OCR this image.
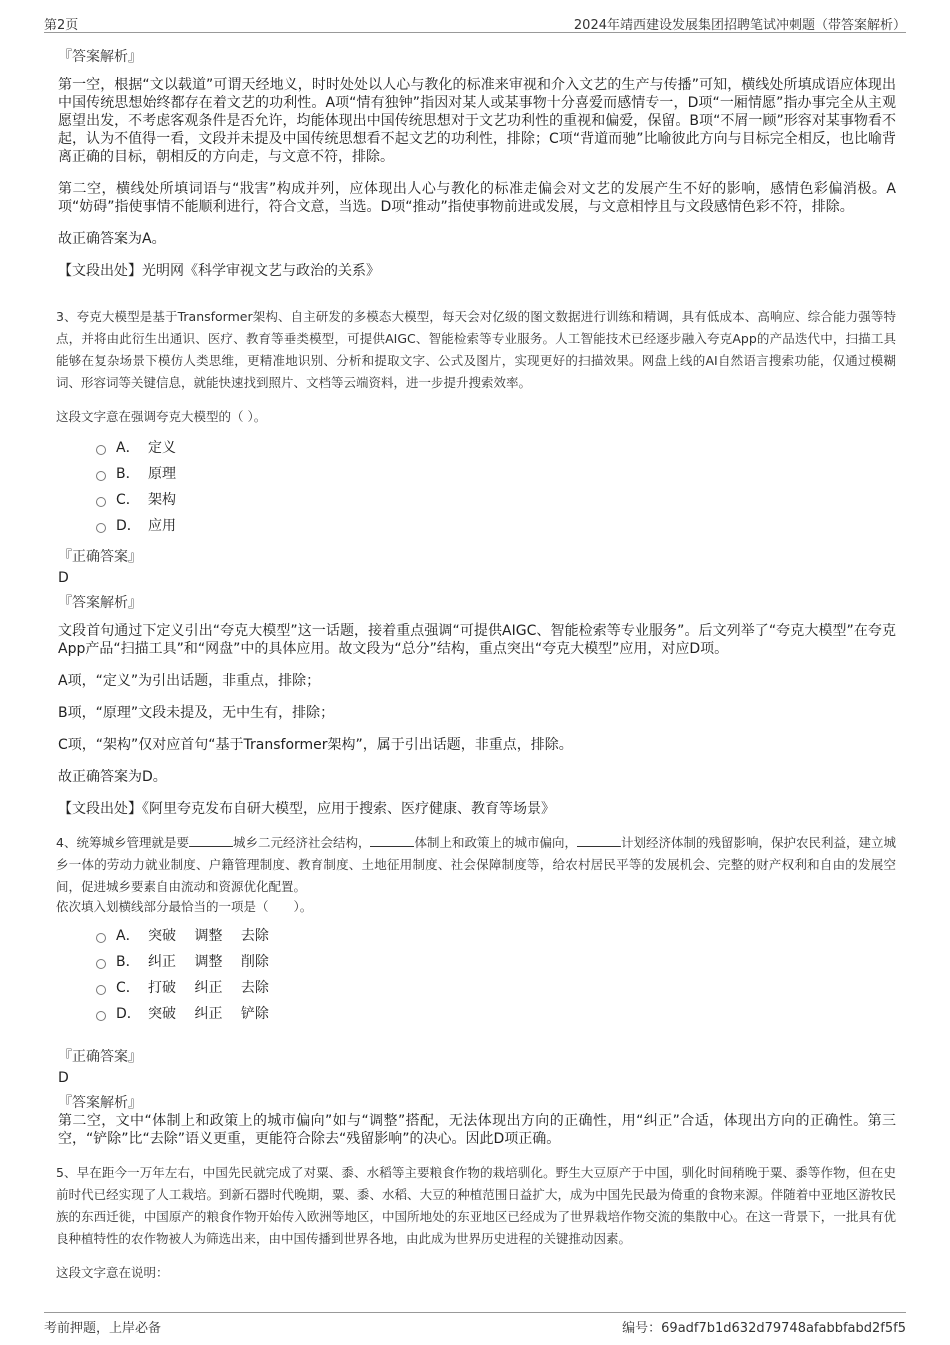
第2页	2024年靖西建设发展集团招聘笔试冲刺题（带答案解析）
『答案解析』

第一空，根据“文以载道”可谓天经地义，时时处处以人心与教化的标准来审视和介入文艺的生产与传播”可知，横线处所填成语应体现出中国传统思想始终都存在着文艺的功利性。A项“情有独钟”指因对某人或某事物十分喜爱而感情专一，D项“一厢情愿”指办事完全从主观愿望出发，不考虑客观条件是否允许，均能体现出中国传统思想对于文艺功利性的重视和偏爱，保留。B项“不屑一顾”形容对某事物看不起，认为不值得一看，文段并未提及中国传统思想看不起文艺的功利性，排除；C项“背道而驰”比喻彼此方向与目标完全相反，也比喻背离正确的目标，朝相反的方向走，与文意不符，排除。

第二空，横线处所填词语与“戕害”构成并列，应体现出人心与教化的标准走偏会对文艺的发展产生不好的影响，感情色彩偏消极。A项“妨碍”指使事情不能顺利进行，符合文意，当选。D项“推动”指使事物前进或发展，与文意相悖且与文段感情色彩不符，排除。

故正确答案为A。

【文段出处】光明网《科学审视文艺与政治的关系》

3、夸克大模型是基于Transformer架构、自主研发的多模态大模型，每天会对亿级的图文数据进行训练和精调，具有低成本、高响应、综合能力强等特点，并将由此衍生出通识、医疗、教育等垂类模型，可提供AIGC、智能检索等专业服务。人工智能技术已经逐步融入夸克App的产品迭代中，扫描工具能够在复杂场景下模仿人类思维，更精准地识别、分析和提取文字、公式及图片，实现更好的扫描效果。网盘上线的AI自然语言搜索功能，仅通过模糊词、形容词等关键信息，就能快速找到照片、文档等云端资料，进一步提升搜索效率。

这段文字意在强调夸克大模型的（ ）。

A． 定义
B． 原理
C． 架构
D． 应用
『正确答案』
D
『答案解析』

文段首句通过下定义引出“夸克大模型”这一话题，接着重点强调“可提供AIGC、智能检索等专业服务”。后文列举了“夸克大模型”在夸克App产品“扫描工具”和“网盘”中的具体应用。故文段为“总分”结构，重点突出“夸克大模型”应用，对应D项。

A项，“定义”为引出话题，非重点，排除；

B项，“原理”文段未提及，无中生有，排除；

C项，“架构”仅对应首句“基于Transformer架构”，属于引出话题，非重点，排除。

故正确答案为D。

【文段出处】《阿里夸克发布自研大模型，应用于搜索、医疗健康、教育等场景》

4、统筹城乡管理就是要	城乡二元经济社会结构，	体制上和政策上的城市偏向，	计划经济体制的残留影响，保护农民利益，建立城乡一体的劳动力就业制度、户籍管理制度、教育制度、土地征用制度、社会保障制度等，给农村居民平等的发展机会、完整的财产权利和自由的发展空间，促进城乡要素自由流动和资源优化配置。

依次填入划横线部分最恰当的一项是（　　）。

A． 突破　 调整　 去除
B． 纠正　 调整　 削除
C． 打破　 纠正　 去除
D． 突破　 纠正　 铲除
『正确答案』
D
『答案解析』

第二空，文中“体制上和政策上的城市偏向”如与“调整”搭配，无法体现出方向的正确性，用“纠正”合适，体现出方向的正确性。第三空，“铲除”比“去除”语义更重，更能符合除去“残留影响”的决心。因此D项正确。

5、早在距今一万年左右，中国先民就完成了对粟、黍、水稻等主要粮食作物的栽培驯化。野生大豆原产于中国，驯化时间稍晚于粟、黍等作物，但在史前时代已经实现了人工栽培。到新石器时代晚期，粟、黍、水稻、大豆的种植范围日益扩大，成为中国先民最为倚重的食物来源。伴随着中亚地区游牧民族的东西迁徙，中国原产的粮食作物开始传入欧洲等地区，中国所地处的东亚地区已经成为了世界栽培作物交流的集散中心。在这一背景下，一批具有优良种植特性的农作物被人为筛选出来，由中国传播到世界各地，由此成为世界历史进程的关键推动因素。

这段文字意在说明：

考前押题，上岸必备	编号：69adf7b1d632d79748afabbfabd2f5f5
